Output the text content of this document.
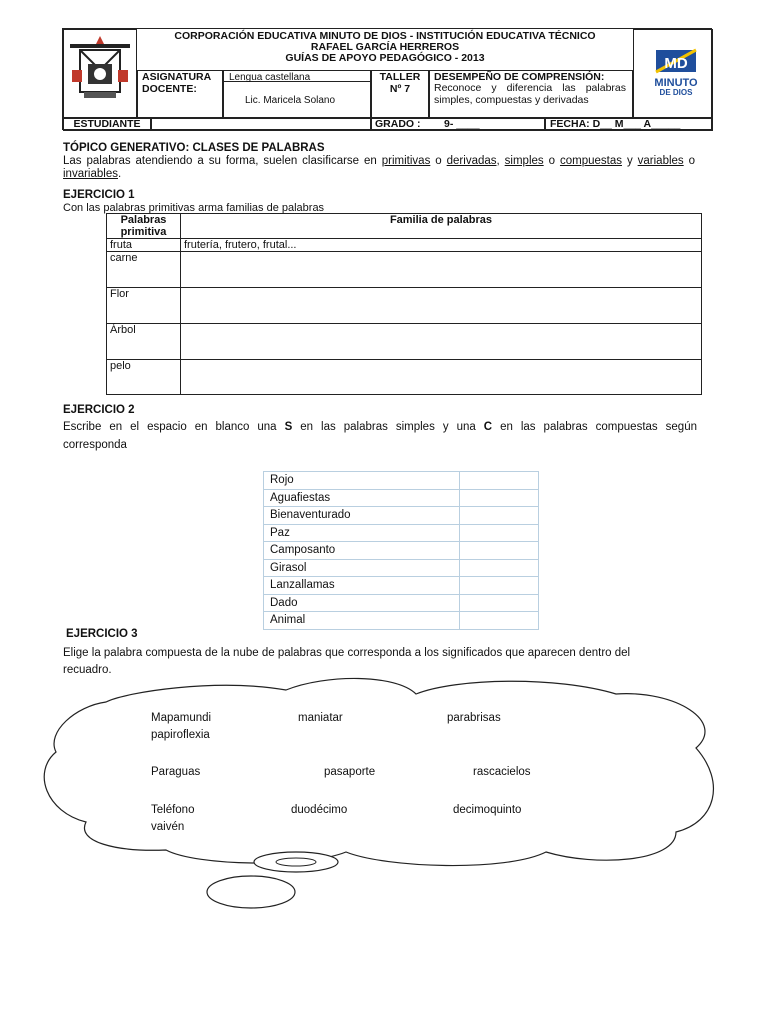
CORPORACIÓN EDUCATIVA MINUTO DE DIOS - INSTITUCIÓN EDUCATIVA TÉCNICO
RAFAEL GARCÍA HERREROS
GUÍAS DE APOYO PEDAGÓGICO - 2013	MD
MINUTO
DE DIOS
ASIGNATURA
DOCENTE:
Lengua castellana
Lic. Maricela Solano
TALLER
Nº 7
DESEMPEÑO DE COMPRENSIÓN:
Reconoce y diferencia las palabras simples, compuestas y derivadas
ESTUDIANTE	GRADO : 9- ____	FECHA: D__ M___ A_____
TÓPICO GENERATIVO: CLASES DE PALABRAS
Las palabras atendiendo a su forma, suelen clasificarse en primitivas o derivadas, simples o compuestas y variables o invariables.
EJERCICIO 1
Con las palabras primitivas arma familias de palabras
Palabras primitiva	Familia de palabras
fruta	frutería, frutero, frutal...
carne	
Flor	
Árbol	
pelo	
EJERCICIO 2
Escribe en el espacio en blanco una S en las palabras simples y una C en las palabras compuestas según
corresponda
Rojo	
Aguafiestas	
Bienaventurado	
Paz	
Camposanto	
Girasol	
Lanzallamas	
Dado	
Animal	
EJERCICIO 3
Elige la palabra compuesta de la nube de palabras que corresponda a los significados que aparecen dentro del
recuadro.
Mapamundi	maniatar	parabrisas
papiroflexia
Paraguas	pasaporte	rascacielos
Teléfono	duodécimo	decimoquinto
vaivén
